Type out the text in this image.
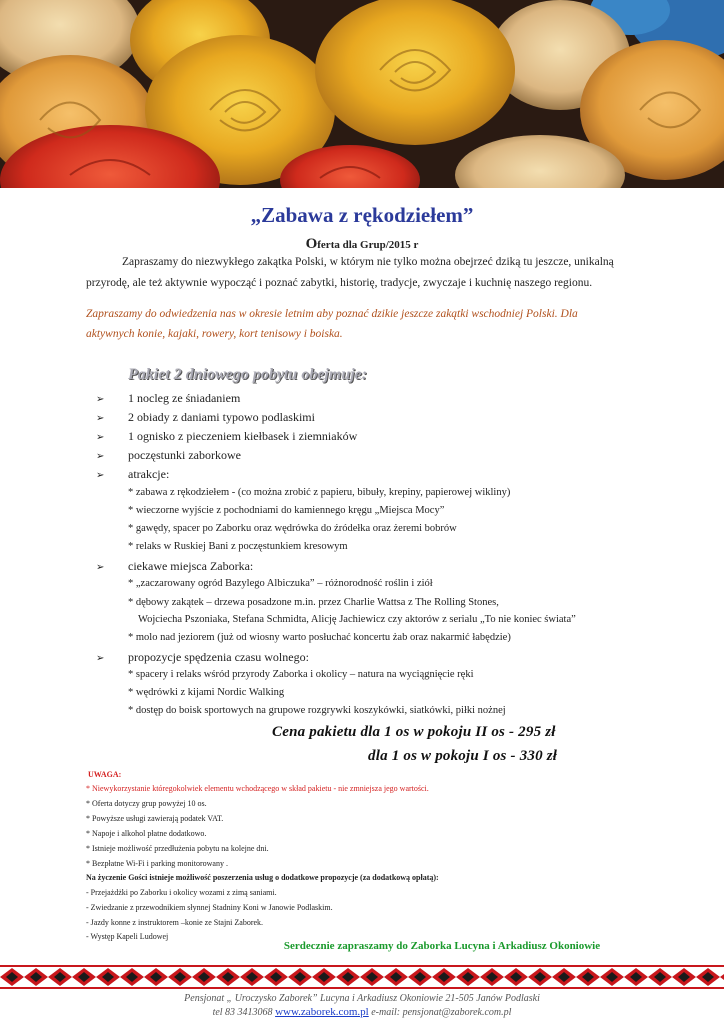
„Zabawa z rękodziełem”
Oferta dla Grup/2015 r
Zapraszamy do niezwykłego zakątka Polski, w którym nie tylko można obejrzeć dziką tu jeszcze, unikalną przyrodę, ale też aktywnie wypocząć i poznać zabytki, historię, tradycje, zwyczaje i kuchnię naszego regionu.
Zapraszamy do odwiedzenia nas w okresie letnim aby poznać dzikie jeszcze zakątki wschodniej Polski. Dla aktywnych konie, kajaki, rowery, kort tenisowy i boiska.
Pakiet 2 dniowego pobytu obejmuje:
➢ 1 nocleg ze śniadaniem
➢ 2 obiady z daniami typowo podlaskimi
➢ 1 ognisko z pieczeniem kiełbasek i ziemniaków
➢ poczęstunki zaborkowe
➢ atrakcje:
* zabawa z rękodziełem - (co można zrobić z papieru, bibuły, krepiny, papierowej wikliny)
* wieczorne wyjście z pochodniami do kamiennego kręgu „Miejsca Mocy”
* gawędy, spacer po Zaborku oraz wędrówka do źródełka oraz żeremi bobrów
* relaks w Ruskiej Bani z poczęstunkiem kresowym
➢ ciekawe miejsca Zaborka:
* „zaczarowany ogród Bazylego Albiczuka” – różnorodność roślin i ziół
* dębowy zakątek – drzewa posadzone m.in. przez Charlie Wattsa z The Rolling Stones,
Wojciecha Pszoniaka, Stefana Schmidta, Alicję Jachiewicz czy aktorów z serialu „To nie koniec świata”
* molo nad jeziorem (już od wiosny warto posłuchać koncertu żab oraz nakarmić łabędzie)
➢ propozycje spędzenia czasu wolnego:
* spacery i relaks wśród przyrody Zaborka i okolicy – natura na wyciągnięcie ręki
* wędrówki z kijami Nordic Walking
* dostęp do boisk sportowych na grupowe rozgrywki koszykówki, siatkówki, piłki nożnej
Cena pakietu dla 1 os w pokoju II os - 295 zł
dla 1 os w pokoju I os - 330 zł
UWAGA:
* Niewykorzystanie któregokolwiek elementu wchodzącego w skład pakietu - nie zmniejsza jego wartości.
* Oferta dotyczy grup powyżej 10 os.
* Powyższe usługi zawierają podatek VAT.
* Napoje i alkohol płatne dodatkowo.
* Istnieje możliwość przedłużenia pobytu na kolejne dni.
* Bezpłatne Wi-Fi i parking monitorowany .
Na życzenie Gości istnieje możliwość poszerzenia usług o dodatkowe propozycje (za dodatkową opłatą):
- Przejażdżki po Zaborku i okolicy wozami z zimą saniami.
- Zwiedzanie z przewodnikiem słynnej Stadniny Koni w Janowie Podlaskim.
- Jazdy konne z instruktorem –konie ze Stajni Zaborek.
- Występ Kapeli Ludowej
Serdecznie zapraszamy do Zaborka Lucyna i Arkadiusz Okoniowie
Pensjonat „ Uroczysko Zaborek” Lucyna i Arkadiusz Okoniowie 21-505 Janów Podlaski
tel 83 3413068 www.zaborek.com.pl e-mail: pensjonat@zaborek.com.pl
